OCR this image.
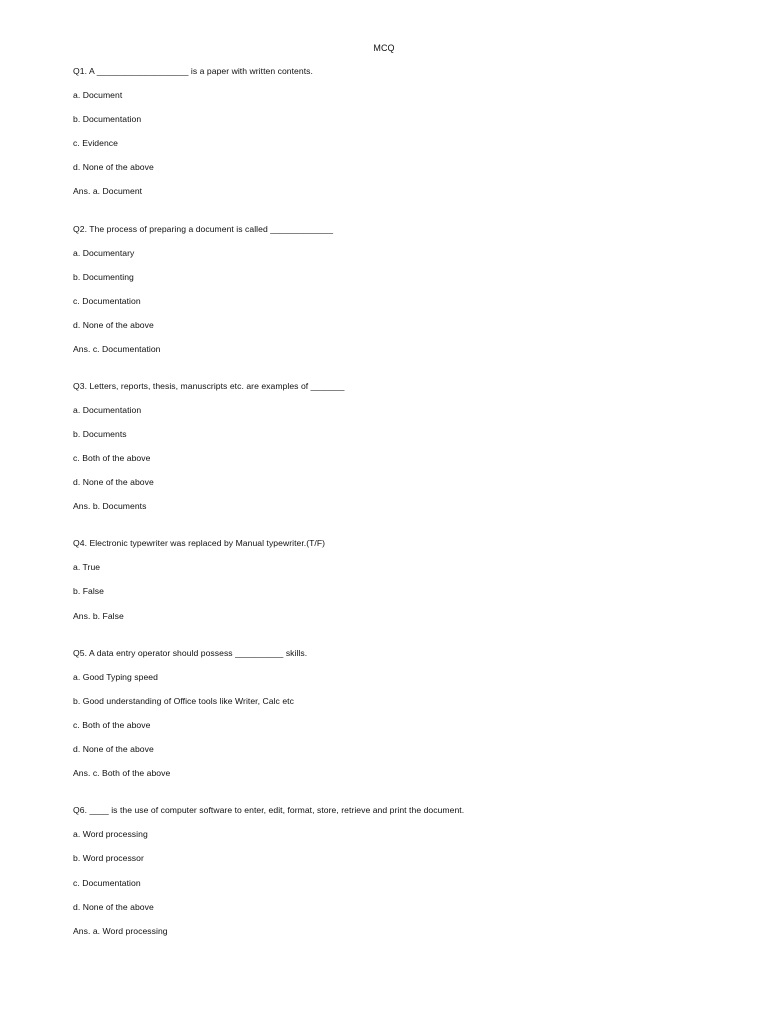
MCQ
Q1. A ___________________ is a paper with written contents.
a. Document
b. Documentation
c. Evidence
d. None of the above
Ans. a. Document
Q2. The process of preparing a document is called _____________
a. Documentary
b. Documenting
c. Documentation
d. None of the above
Ans. c. Documentation
Q3. Letters, reports, thesis, manuscripts etc. are examples of _______
a. Documentation
b. Documents
c. Both of the above
d. None of the above
Ans. b. Documents
Q4. Electronic typewriter was replaced by Manual typewriter.(T/F)
a. True
b. False
Ans. b. False
Q5. A data entry operator should possess __________ skills.
a. Good Typing speed
b. Good understanding of Office tools like Writer, Calc etc
c. Both of the above
d. None of the above
Ans. c. Both of the above
Q6. ____ is the use of computer software to enter, edit, format, store, retrieve and print the document.
a. Word processing
b. Word processor
c. Documentation
d. None of the above
Ans. a. Word processing
